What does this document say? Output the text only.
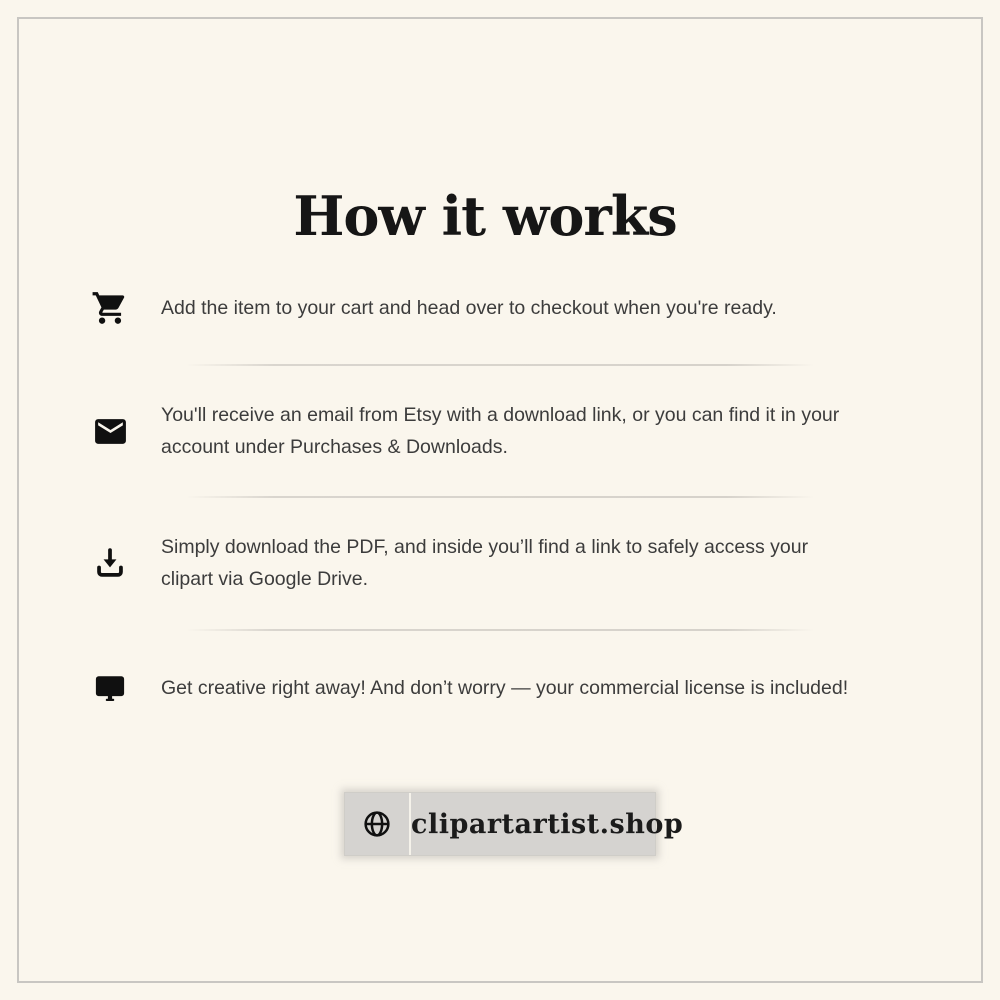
How it works
Add the item to your cart and head over to checkout when you're ready.
You'll receive an email from Etsy with a download link, or you can find it in your
account under Purchases & Downloads.
Simply download the PDF, and inside you’ll find a link to safely access your
clipart via Google Drive.
Get creative right away! And don’t worry — your commercial license is included!
clipartartist.shop
